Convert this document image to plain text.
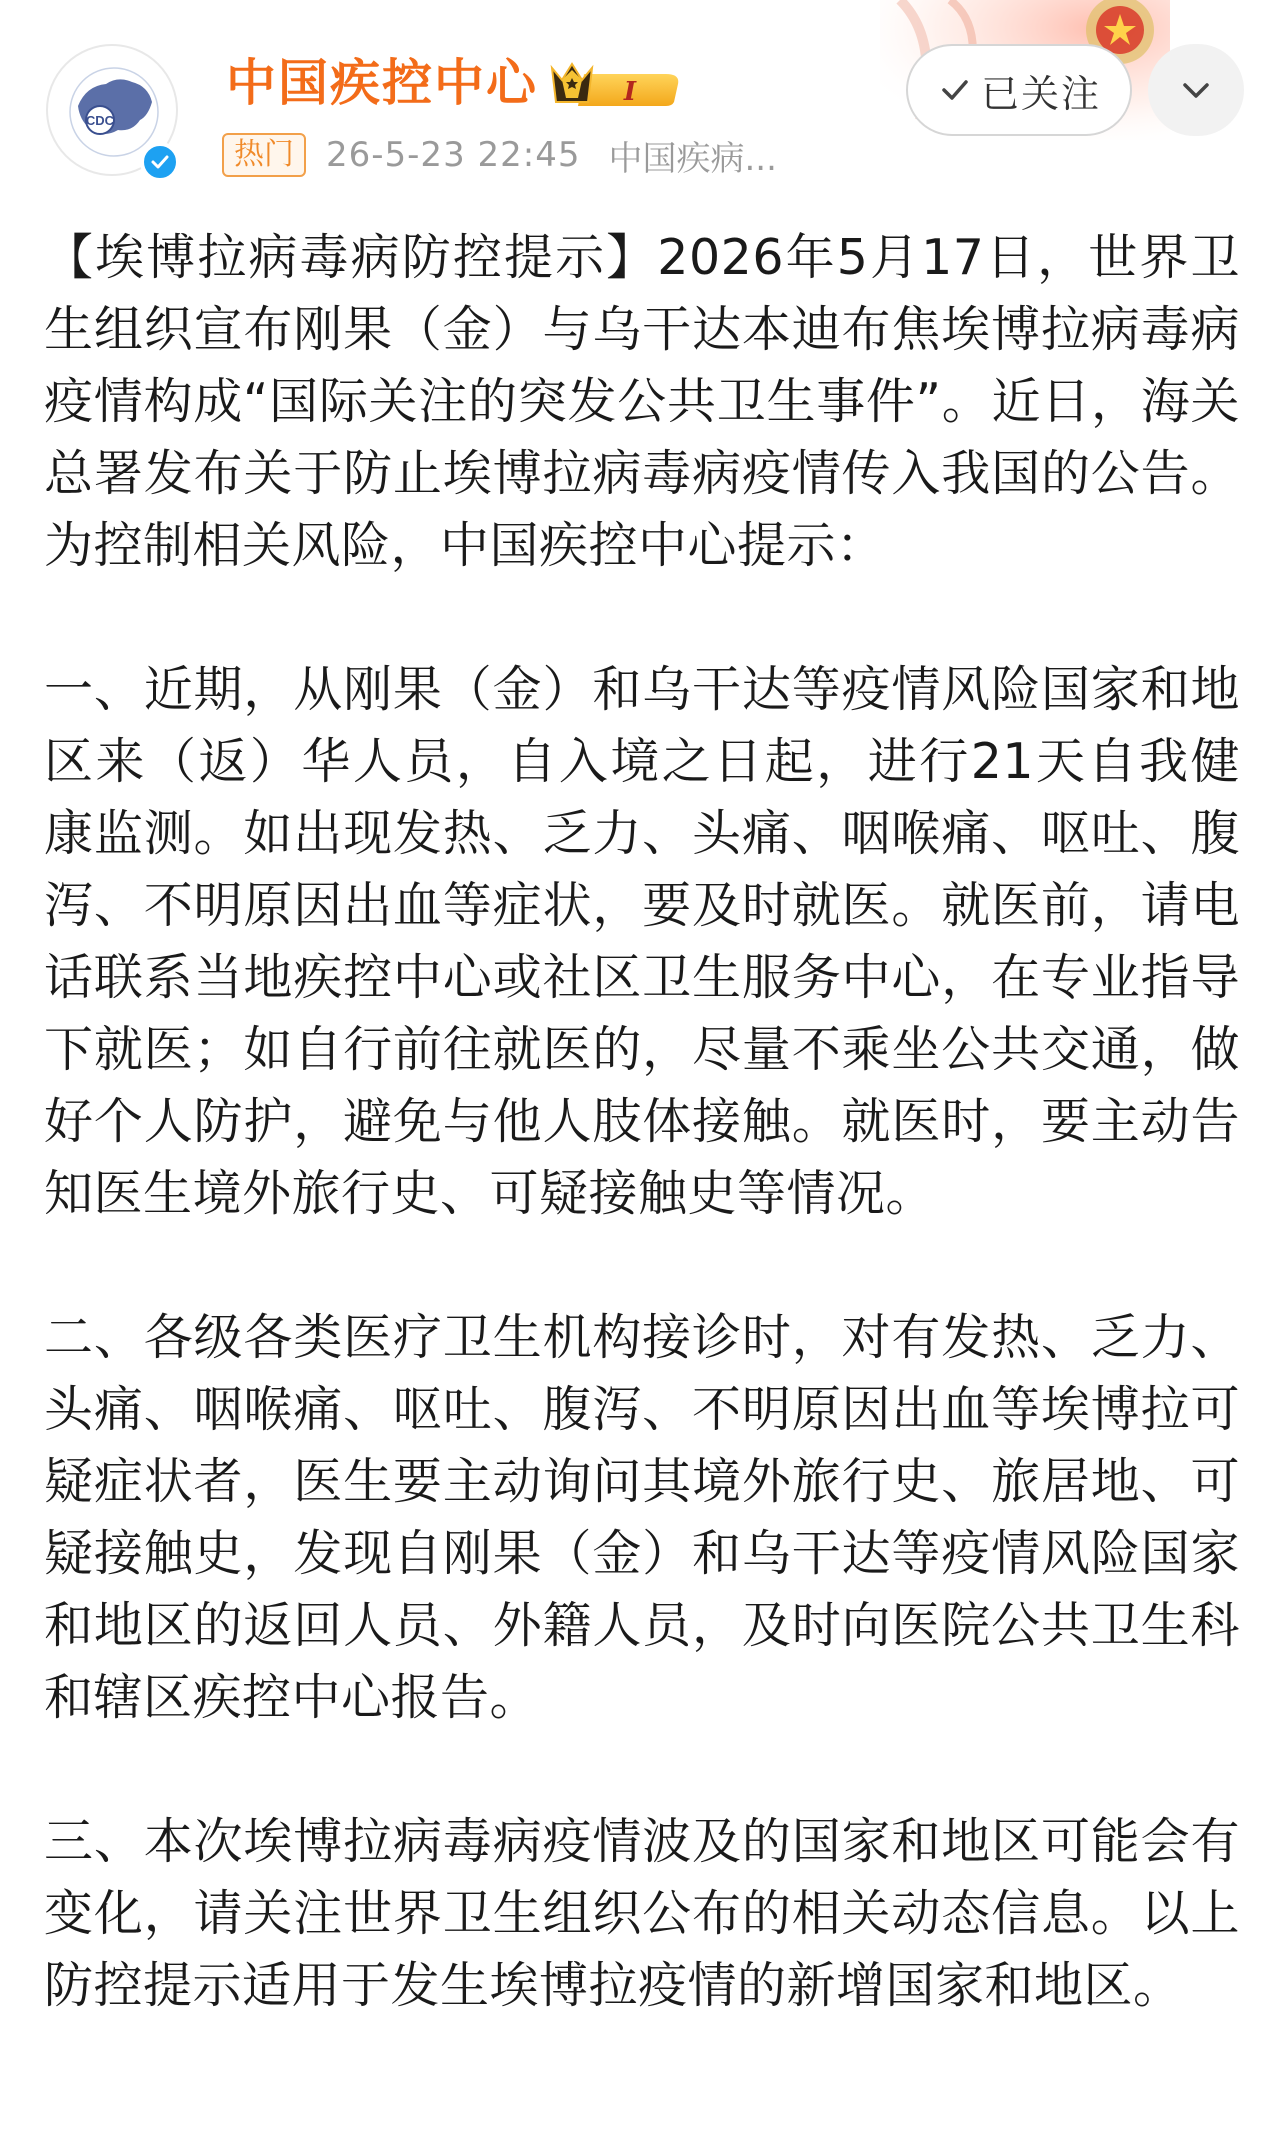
CDC
中国疾控中心	I
热门 26-5-23 22:45 中国疾病...
已关注

【埃博拉病毒病防控提示】2026年5月17日，世界卫生组织宣布刚果（金）与乌干达本迪布焦埃博拉病毒病疫情构成“国际关注的突发公共卫生事件”。近日，海关总署发布关于防止埃博拉病毒病疫情传入我国的公告。为控制相关风险，中国疾控中心提示：

一、近期，从刚果（金）和乌干达等疫情风险国家和地区来（返）华人员，自入境之日起，进行21天自我健康监测。如出现发热、乏力、头痛、咽喉痛、呕吐、腹泻、不明原因出血等症状，要及时就医。就医前，请电话联系当地疾控中心或社区卫生服务中心，在专业指导下就医；如自行前往就医的，尽量不乘坐公共交通，做好个人防护，避免与他人肢体接触。就医时，要主动告知医生境外旅行史、可疑接触史等情况。

二、各级各类医疗卫生机构接诊时，对有发热、乏力、头痛、咽喉痛、呕吐、腹泻、不明原因出血等埃博拉可疑症状者，医生要主动询问其境外旅行史、旅居地、可疑接触史，发现自刚果（金）和乌干达等疫情风险国家和地区的返回人员、外籍人员，及时向医院公共卫生科和辖区疾控中心报告。

三、本次埃博拉病毒病疫情波及的国家和地区可能会有变化，请关注世界卫生组织公布的相关动态信息。以上防控提示适用于发生埃博拉疫情的新增国家和地区。
